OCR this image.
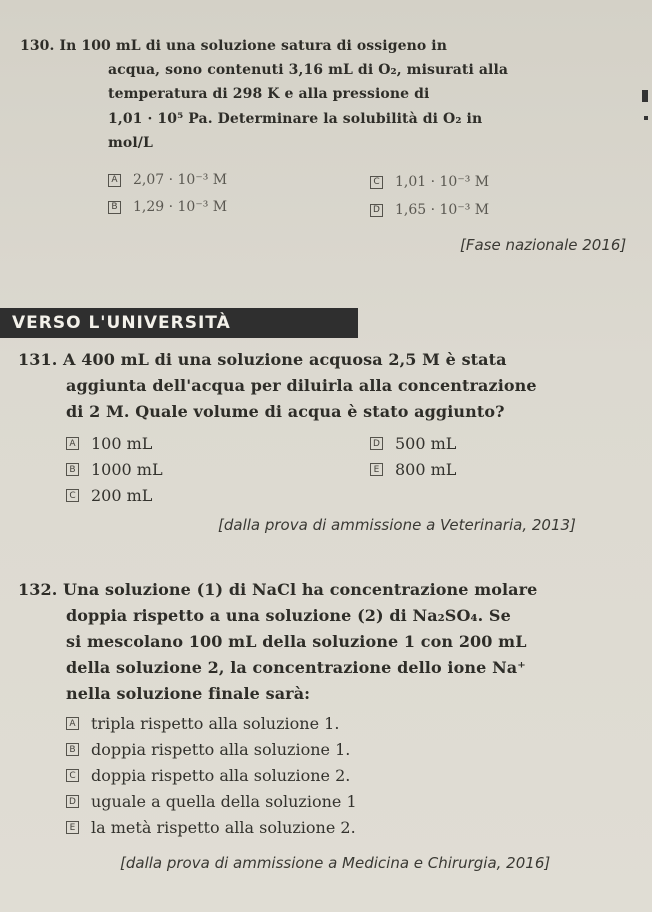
130. In 100 mL di una soluzione satura di ossigeno in
acqua, sono contenuti 3,16 mL di O₂, misurati alla
temperatura di 298 K e alla pressione di
1,01 · 10⁵ Pa. Determinare la solubilità di O₂ in
mol/L
A 2,07 · 10⁻³ M
B 1,29 · 10⁻³ M
C 1,01 · 10⁻³ M
D 1,65 · 10⁻³ M
[Fase nazionale 2016]
VERSO L'UNIVERSITÀ
131. A 400 mL di una soluzione acquosa 2,5 M è stata
aggiunta dell'acqua per diluirla alla concentrazione
di 2 M. Quale volume di acqua è stato aggiunto?
A 100 mL
B 1000 mL
C 200 mL
D 500 mL
E 800 mL
[dalla prova di ammissione a Veterinaria, 2013]
132. Una soluzione (1) di NaCl ha concentrazione molare
doppia rispetto a una soluzione (2) di Na₂SO₄. Se
si mescolano 100 mL della soluzione 1 con 200 mL
della soluzione 2, la concentrazione dello ione Na⁺
nella soluzione finale sarà:
A tripla rispetto alla soluzione 1.
B doppia rispetto alla soluzione 1.
C doppia rispetto alla soluzione 2.
D uguale a quella della soluzione 1
E la metà rispetto alla soluzione 2.
[dalla prova di ammissione a Medicina e Chirurgia, 2016]
